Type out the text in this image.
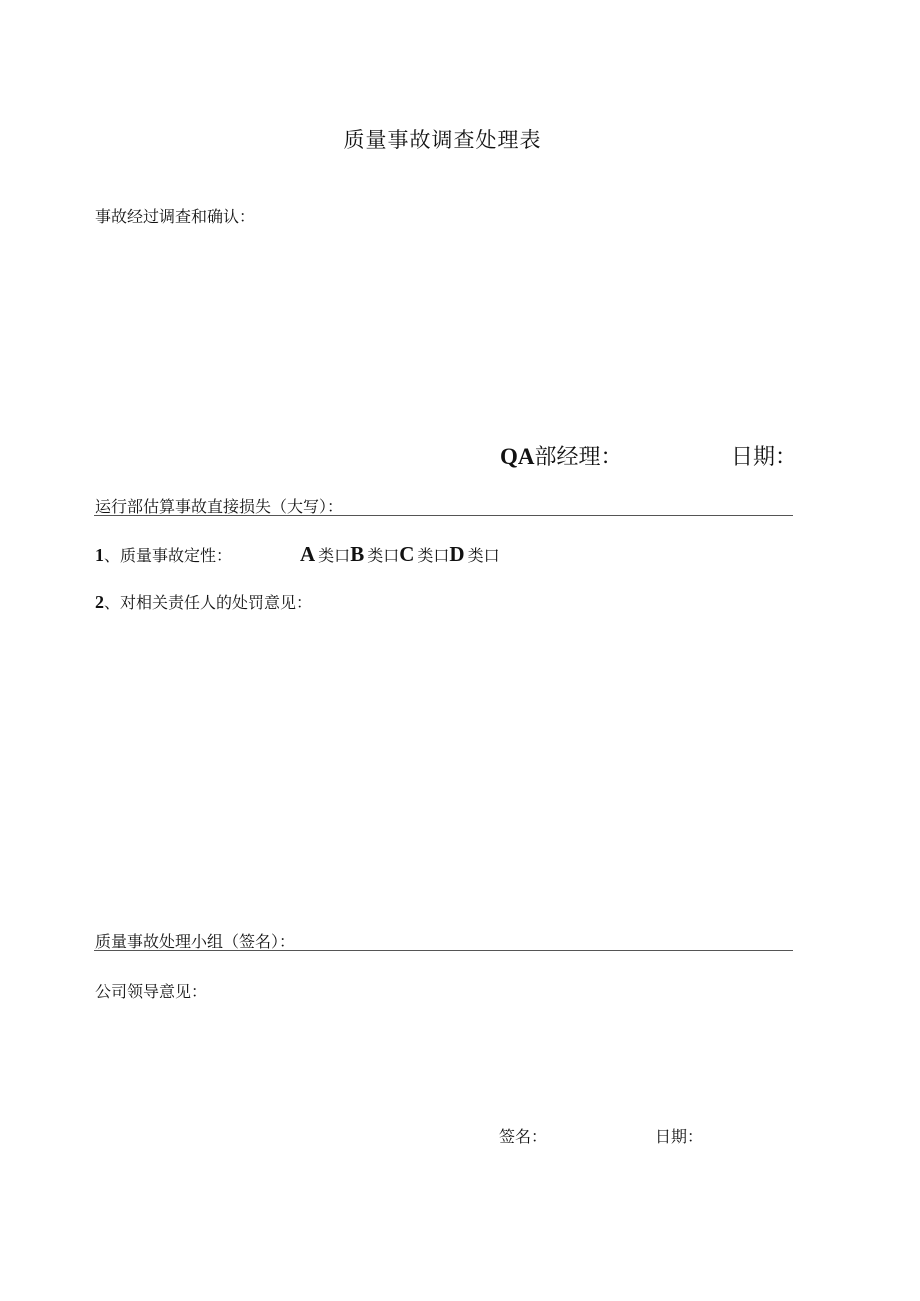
质量事故调查处理表
事故经过调查和确认：
QA部经理：	日期：
运行部估算事故直接损失（大写）：
1、质量事故定性：	A 类口B 类口C 类口D 类口
2、对相关责任人的处罚意见：
质量事故处理小组（签名）：
公司领导意见：
签名：	日期：
